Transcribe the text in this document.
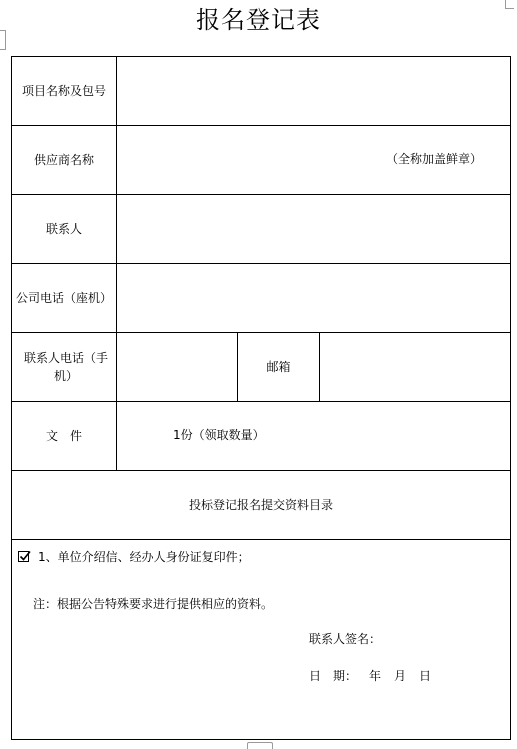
报名登记表
项目名称及包号
供应商名称	（全称加盖鲜章）
联系人
公司电话（座机）
联系人电话（手机）
邮箱
文　件	1份（领取数量）
投标登记报名提交资料目录
1、单位介绍信、经办人身份证复印件；
注：根据公告特殊要求进行提供相应的资料。
联系人签名：
日　期： 年 月 日
